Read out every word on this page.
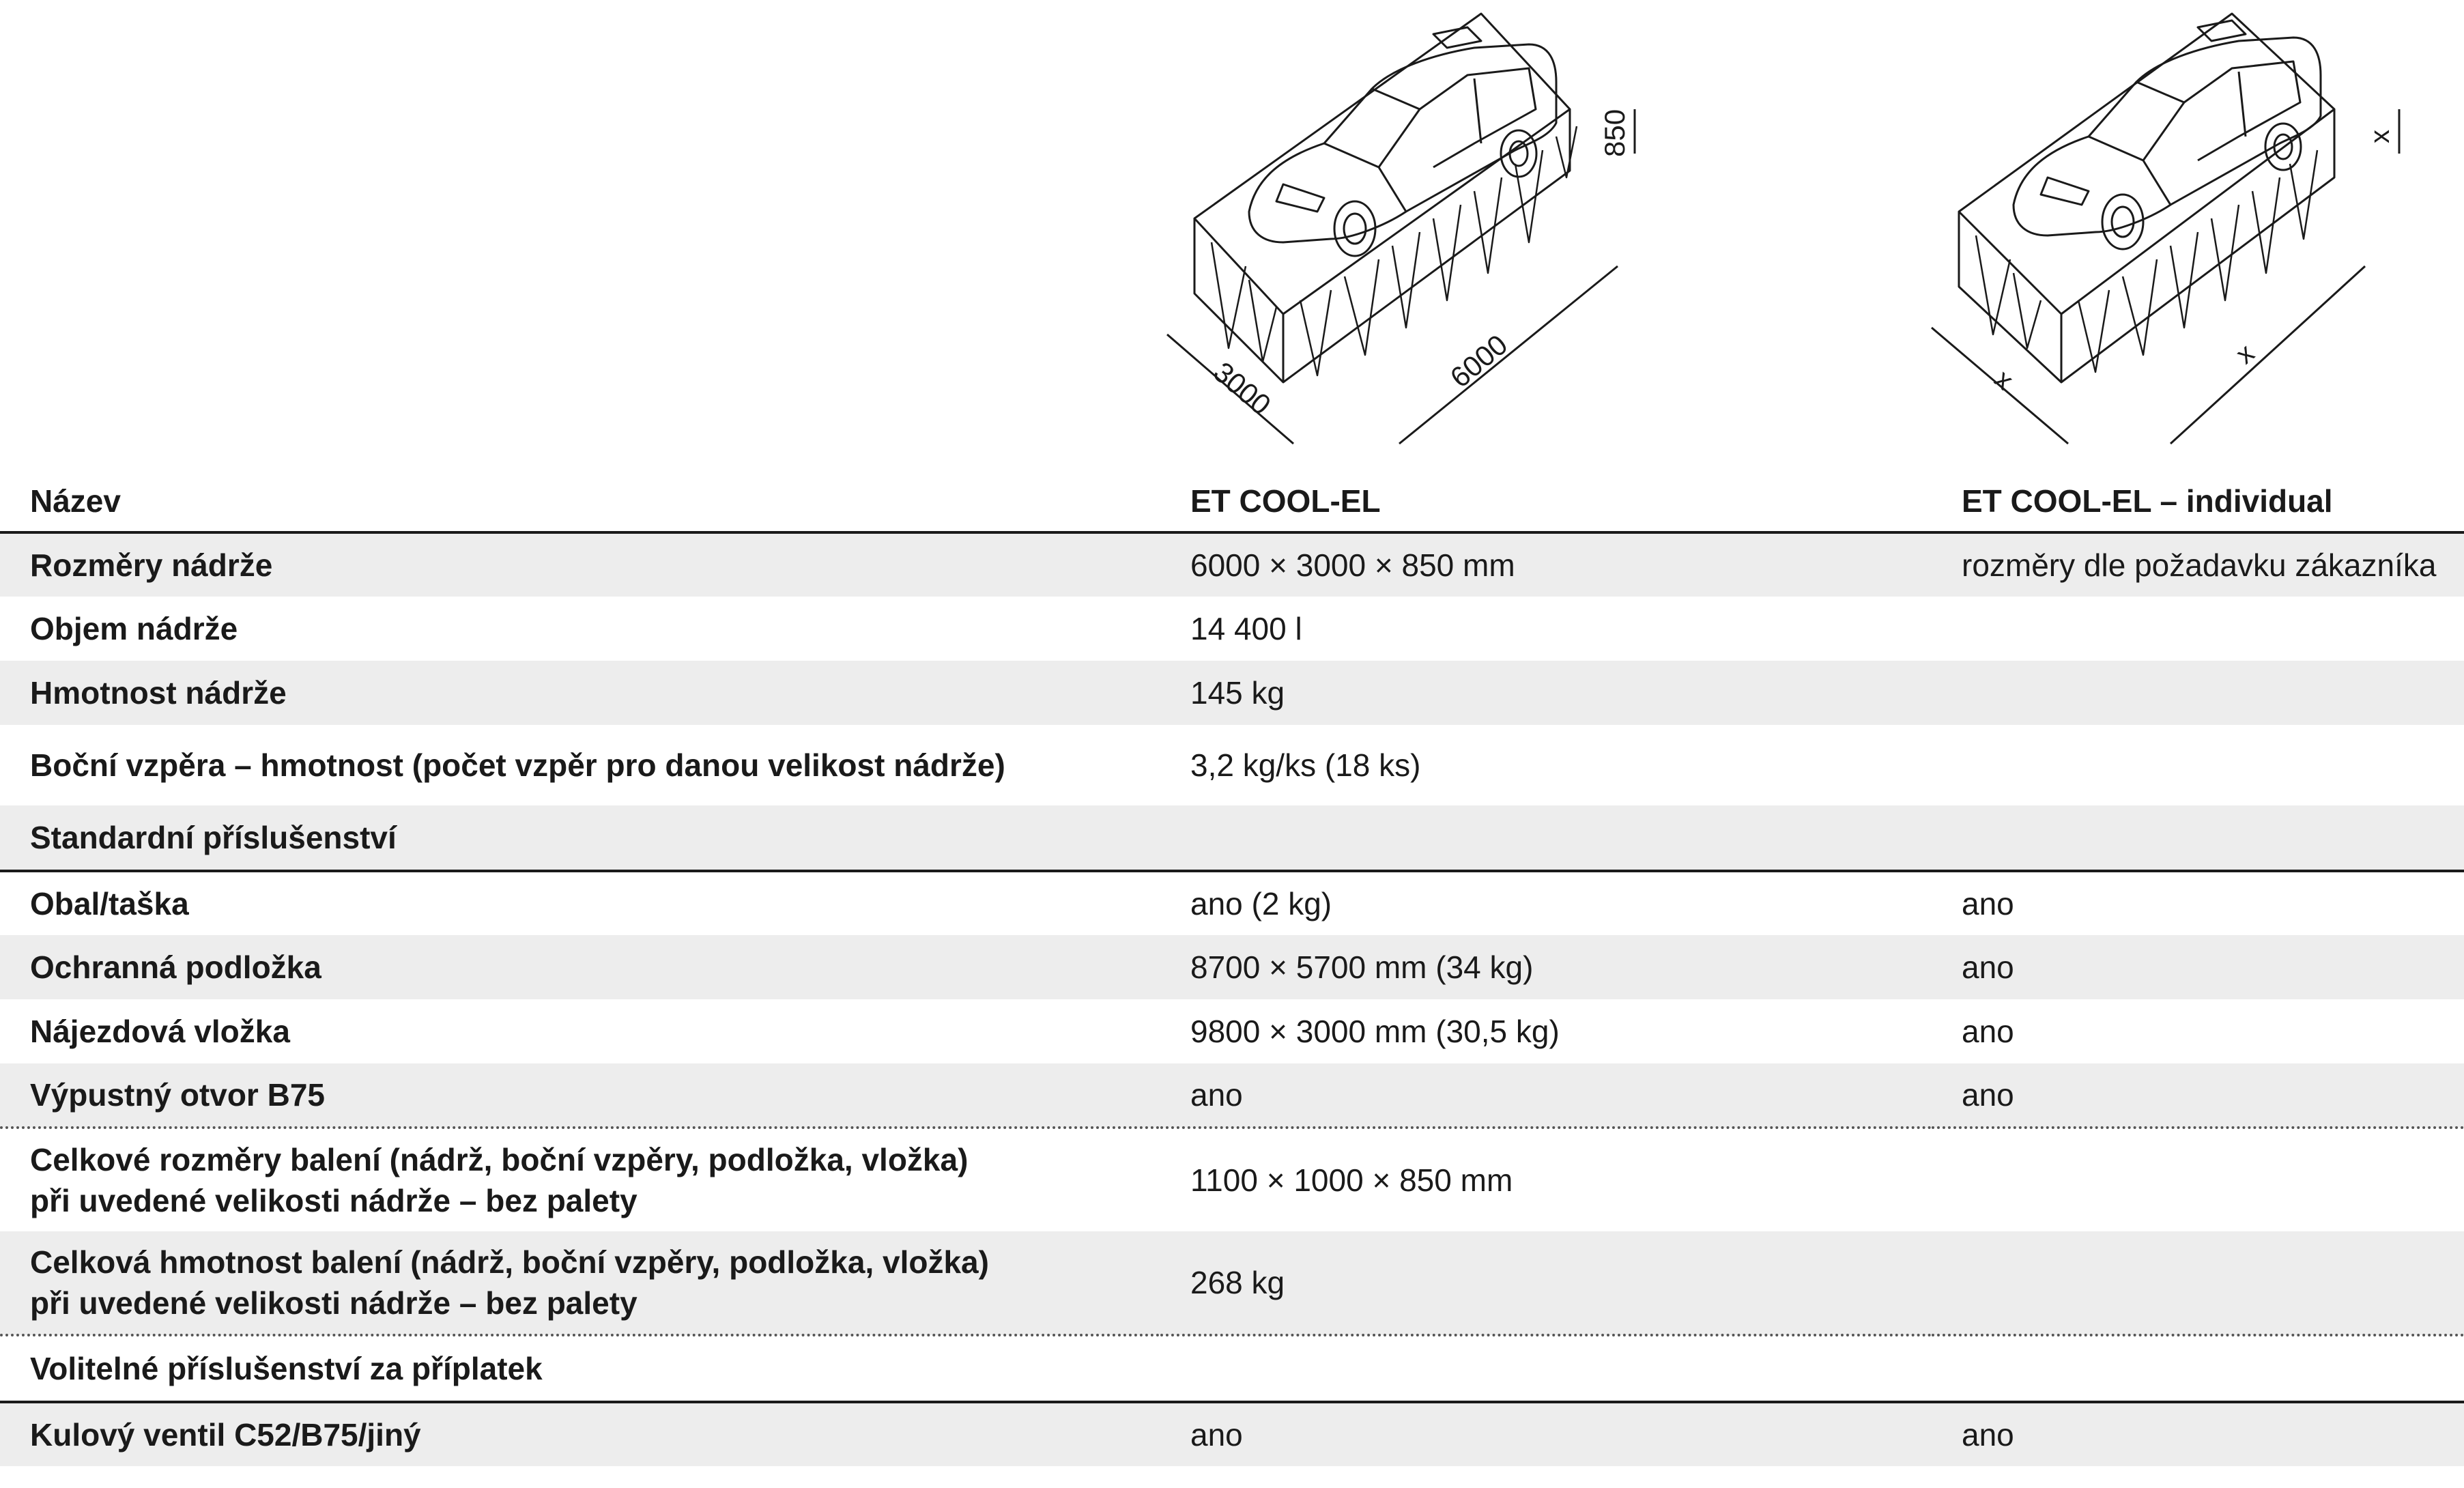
3000	6000
850
x
x
x
Název	ET COOL-EL	ET COOL-EL – individual
Rozměry nádrže	6000 × 3000 × 850 mm	rozměry dle požadavku zákazníka
Objem nádrže	14 400 l	
Hmotnost nádrže	145 kg	
Boční vzpěra – hmotnost (počet vzpěr pro danou velikost nádrže)	3,2 kg/ks (18 ks)	
Standardní příslušenství		
Obal/taška	ano (2 kg)	ano
Ochranná podložka	8700 × 5700 mm (34 kg)	ano
Nájezdová vložka	9800 × 3000 mm (30,5 kg)	ano
Výpustný otvor B75	ano	ano

Celkové rozměry balení (nádrž, boční vzpěry, podložka, vložka)
při uvedené velikosti nádrže – bez palety	1100 × 1000 × 850 mm	

Celková hmotnost balení (nádrž, boční vzpěry, podložka, vložka)
při uvedené velikosti nádrže – bez palety	268 kg	
Volitelné příslušenství za příplatek		
Kulový ventil C52/B75/jiný	ano	ano
